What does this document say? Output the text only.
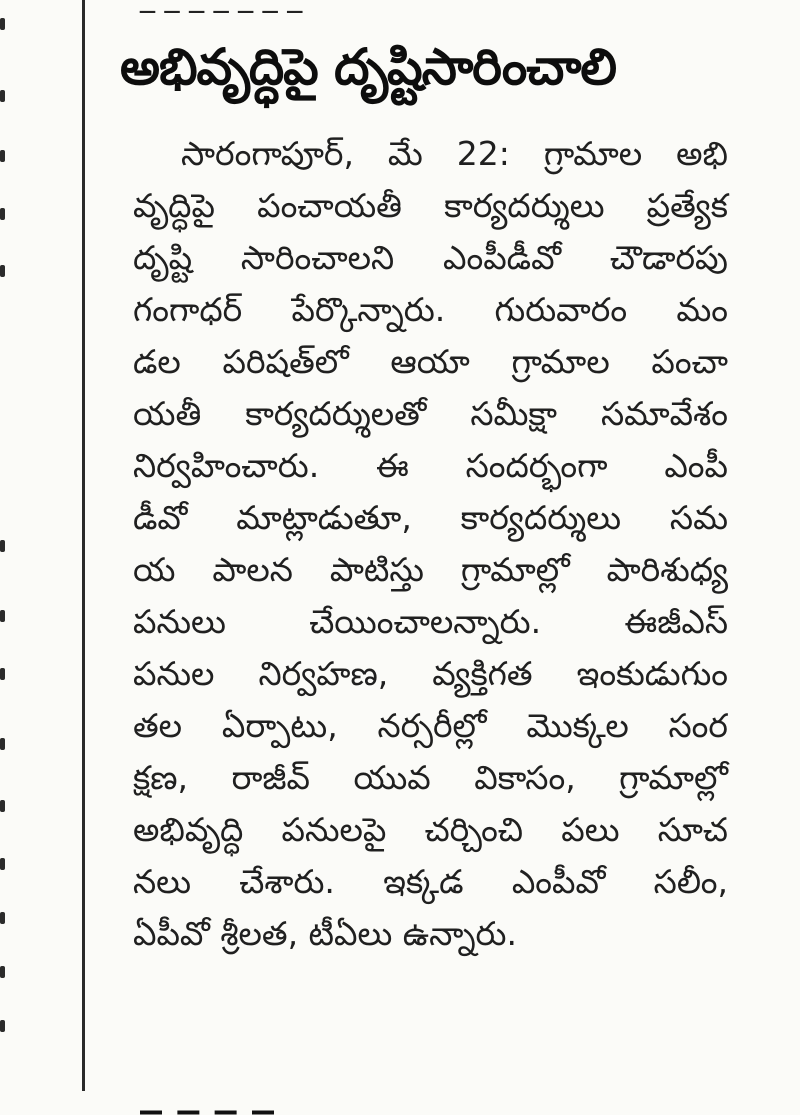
అభివృద్ధిపై దృష్టిసారించాలి
సారంగాపూర్, మే 22: గ్రామాల అభి
వృద్ధిపై పంచాయతీ కార్యదర్శులు ప్రత్యేక
దృష్టి సారించాలని ఎంపీడీవో చౌడారపు
గంగాధర్ పేర్కొన్నారు. గురువారం మం
డల పరిషత్‌లో ఆయా గ్రామాల పంచా
యతీ కార్యదర్శులతో సమీక్షా సమావేశం
నిర్వహించారు. ఈ సందర్భంగా ఎంపీ
డీవో మాట్లాడుతూ, కార్యదర్శులు సమ
య పాలన పాటిస్తు గ్రామాల్లో పారిశుధ్య
పనులు చేయించాలన్నారు. ఈజీఎస్
పనుల నిర్వహణ, వ్యక్తిగత ఇంకుడుగుం
తల ఏర్పాటు, నర్సరీల్లో మొక్కల సంర
క్షణ, రాజీవ్ యువ వికాసం, గ్రామాల్లో
అభివృద్ధి పనులపై చర్చించి పలు సూచ
నలు చేశారు. ఇక్కడ ఎంపీవో సలీం,
ఏపీవో శ్రీలత, టీఏలు ఉన్నారు.
_ _ _ _
